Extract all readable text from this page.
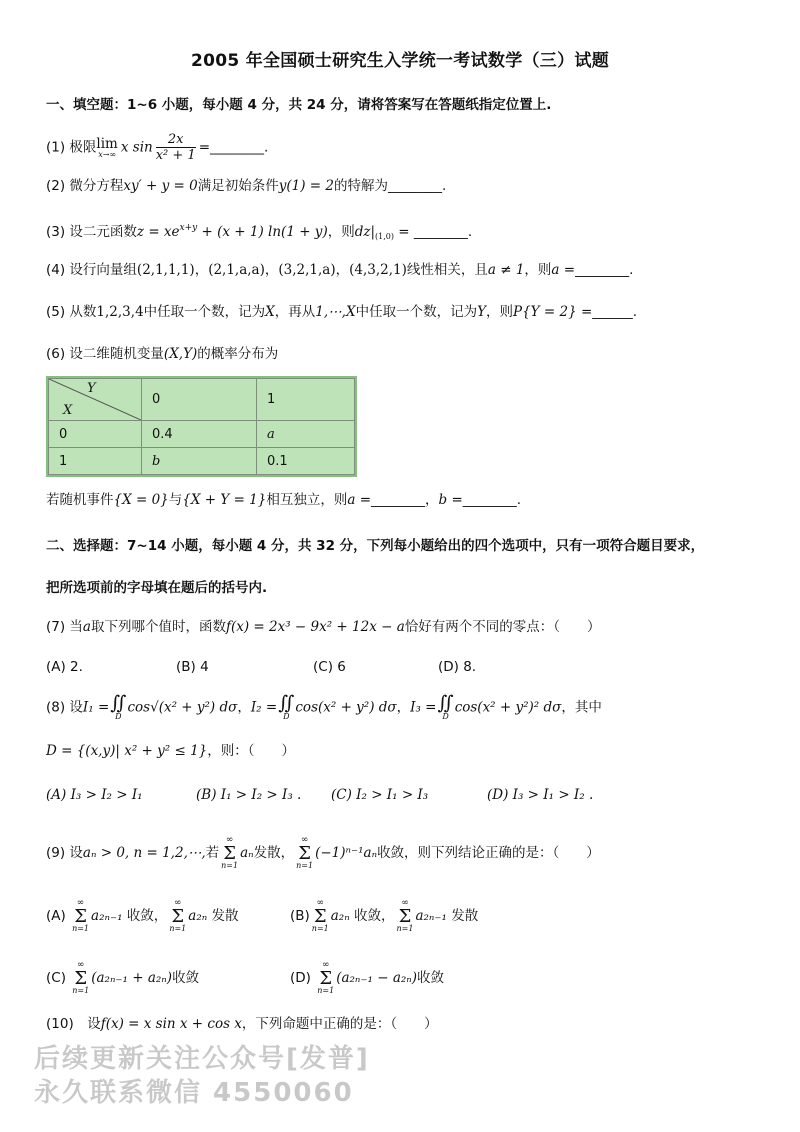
2005 年全国硕士研究生入学统一考试数学（三）试题
一、填空题：1~6 小题，每小题 4 分，共 24 分，请将答案写在答题纸指定位置上.
(1) 极限 lim
x→∞ x $\sin \frac{2x}{\text{x² + 1}}$ =________.
(2) 微分方程xy′ + y = 0满足初始条件y(1) = 2的特解为________.
(3) 设二元函数$z = xe^{x+y} + (x + 1) \ln(1 + y)$，则$dz|_{(1,0)}$ = ________.
(4) 设行向量组(2,1,1,1)，(2,1,a,a)，(3,2,1,a)，(4,3,2,1)线性相关，且a ≠ 1，则a =________.
(5) 从数1,2,3,4中任取一个数，记为X，再从1,⋯,X中任取一个数，记为Y，则P{Y = 2} =______.
(6) 设二维随机变量(X,Y)的概率分布为
Y
X	0	1
0	0.4	a
1	b	0.1
若随机事件{X = 0}与{X + Y = 1}相互独立，则a =________，b =________.
二、选择题：7~14 小题，每小题 4 分，共 32 分，下列每小题给出的四个选项中，只有一项符合题目要求，
把所选项前的字母填在题后的括号内.
(7) 当a取下列哪个值时，函数f(x) = 2x³ − 9x² + 12x − a恰好有两个不同的零点：（　　）
(A) 2.	(B) 4	(C) 6	(D) 8.
(8) 设I₁ = ∬
D
cos√(x² + y²) dσ，I₂ = ∬
D
cos(x² + y²) dσ，I₃ = ∬
D
cos(x² + y²)² dσ，其中
D = {(x,y)| x² + y² ≤ 1}，则：（　　）
(A) I₃ > I₂ > I₁	(B) I₁ > I₂ > I₃ . (C) I₂ > I₁ > I₃	(D) I₃ > I₁ > I₂ .
(9) 设aₙ > 0, n = 1,2,⋯,若
∞
Σ
n=1
aₙ发散，
∞
Σ
n=1
(−1)ⁿ⁻¹aₙ收敛，则下列结论正确的是：（　　）
(A)
∞
Σ
n=1
a₂ₙ₋₁ 收敛，
∞
Σ
n=1
a₂ₙ 发散	(B)
∞
Σ
n=1
a₂ₙ 收敛，
∞
Σ
n=1
a₂ₙ₋₁ 发散
(C)
∞
Σ
n=1
(a₂ₙ₋₁ + a₂ₙ)收敛	(D)
∞
Σ
n=1
(a₂ₙ₋₁ − a₂ₙ)收敛
(10)　设f(x) = x sin x + cos x，下列命题中正确的是：（　　）
后续更新关注公众号[发普]
永久联系微信 4550060
